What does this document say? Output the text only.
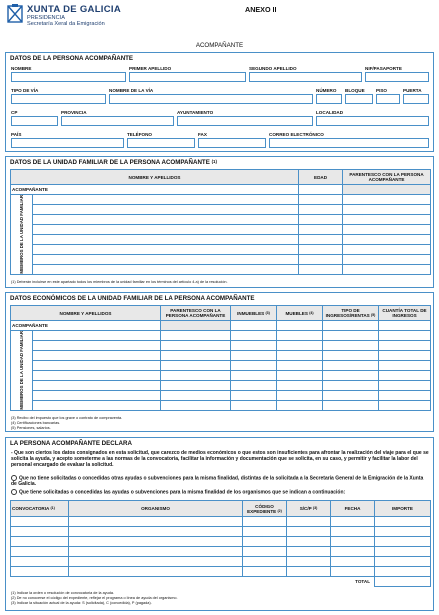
XUNTA DE GALICIA
PRESIDENCIA
Secretaría Xeral da Emigración
ANEXO II
ACOMPAÑANTE
DATOS DE LA PERSONA ACOMPAÑANTE
NOMBRE	PRIMER APELLIDO	SEGUNDO APELLIDO	NIF/PASAPORTE
TIPO DE VÍA	NOMBRE DE LA VÍA	NÚMERO BLOQUE PISO	PUERTA
CP	PROVINCIA	AYUNTAMIENTO	LOCALIDAD
PAÍS	TELÉFONO	FAX	CORREO ELECTRÓNICO
DATOS DE LA UNIDAD FAMILIAR DE LA PERSONA ACOMPAÑANTE $^{(1)}$
NOMBRE Y APELLIDOS		EDAD	PARENTESCO CON LA PERSONA ACOMPAÑANTE
ACOMPAÑANTE			

MIEMBROS DE LA UNIDAD FAMILIAR			

(1) Deberán incluirse en este apartado todos los miembros de la unidad familiar en los términos del artículo 4.a) de la resolución.
DATOS ECONÓMICOS DE LA UNIDAD FAMILIAR DE LA PERSONA ACOMPAÑANTE
NOMBRE Y APELLIDOS		PARENTESCO CON LA PERSONA ACOMPAÑANTE	INMUEBLES $^{(3)}$	MUEBLES $^{(4)}$	TIPO DE INGRESOS/RENTAS $^{(5)}$	CUANTÍA TOTAL DE INGRESOS
ACOMPAÑANTE						

MIEMBROS DE LA UNIDAD FAMILIAR						

(3) Recibo del impuesto que los grave o contrato de compraventa.
(4) Certificaciones bancarias.
(5) Pensiones, salarios.
LA PERSONA ACOMPAÑANTE DECLARA
- Que son ciertos los datos consignados en esta solicitud, que carezco de medios económicos o que estos son insuficientes para afrontar la realización del viaje para el que se solicita la ayuda, y acepto someterme a las normas de la convocatoria, facilitar la información y documentación que se solicita, en su caso, y permitir y facilitar la labor del personal encargado de evaluar la solicitud.
Que no tiene solicitadas o concedidas otras ayudas o subvenciones para la misma finalidad, distintas de la solicitada a la Secretaría General de la Emigración de la Xunta de Galicia.
Que tiene solicitadas o concedidas las ayudas o subvenciones para la misma finalidad de los organismos que se indican a continuación:
CONVOCATORIA $^{(1)}$	ORGANISMO	CÓDIGO EXPEDIENTE $^{(2)}$	S/C/P $^{(3)}$	FECHA	IMPORTE

TOTAL					
(1) Indicar la orden o resolución de convocatoria de la ayuda.
(2) De no conocerse el código del expediente, reflejar el programa o línea de ayuda del organismo.
(3) Indicar la situación actual de la ayuda: S (solicitada), C (concedida), P (pagada).
